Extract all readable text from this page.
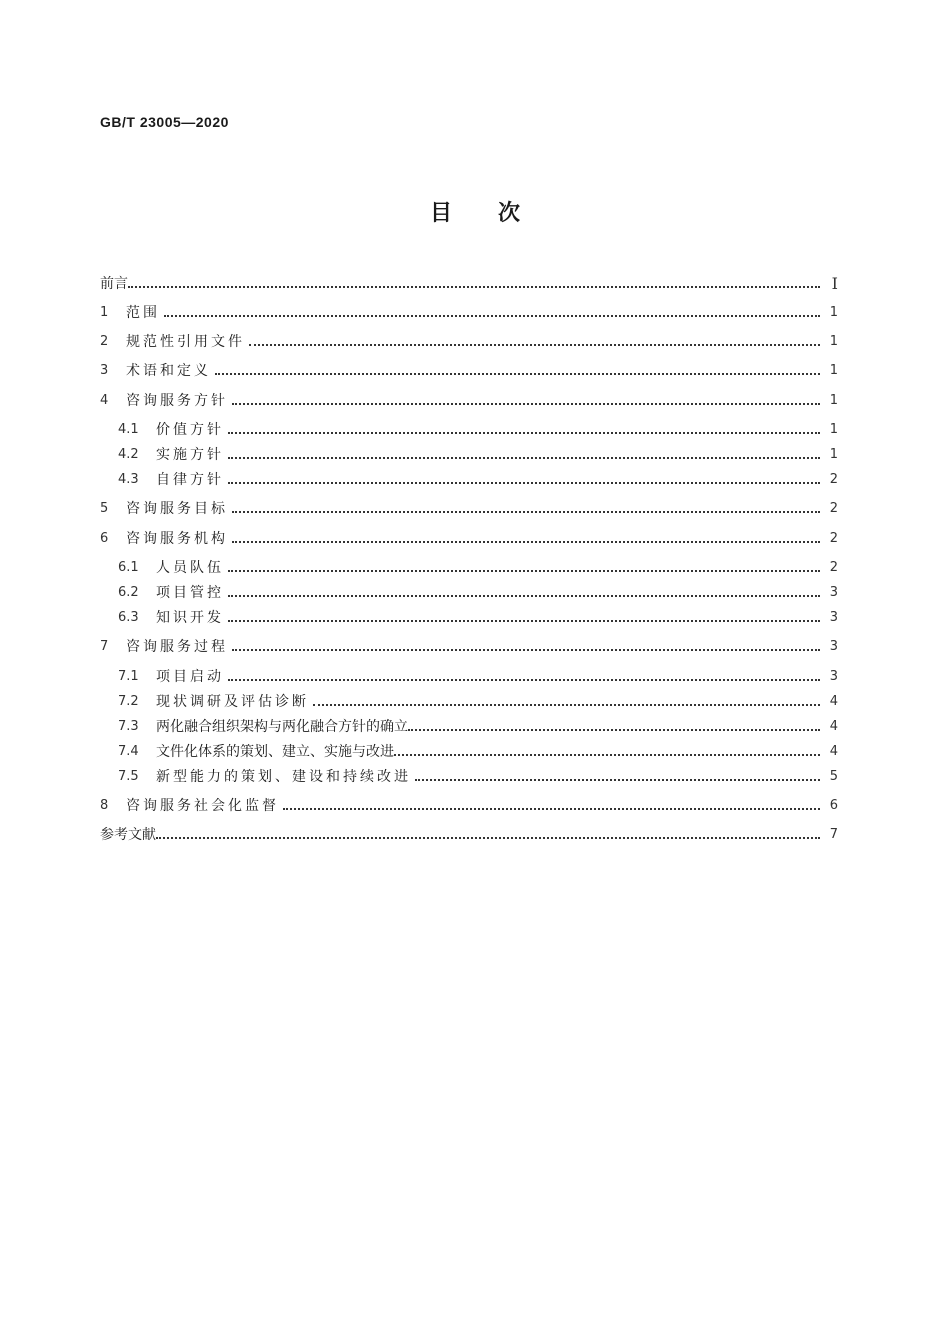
GB/T 23005—2020
目次
前言	I
1	范围	1
2	规范性引用文件	1
3	术语和定义	1
4	咨询服务方针	1
4.1	价值方针	1
4.2	实施方针	1
4.3	自律方针	2
5	咨询服务目标	2
6	咨询服务机构	2
6.1	人员队伍	2
6.2	项目管控	3
6.3	知识开发	3
7	咨询服务过程	3
7.1	项目启动	3
7.2	现状调研及评估诊断	4
7.3	两化融合组织架构与两化融合方针的确立	4
7.4	文件化体系的策划、建立、实施与改进	4
7.5	新型能力的策划、建设和持续改进	5
8	咨询服务社会化监督	6
参考文献	7
